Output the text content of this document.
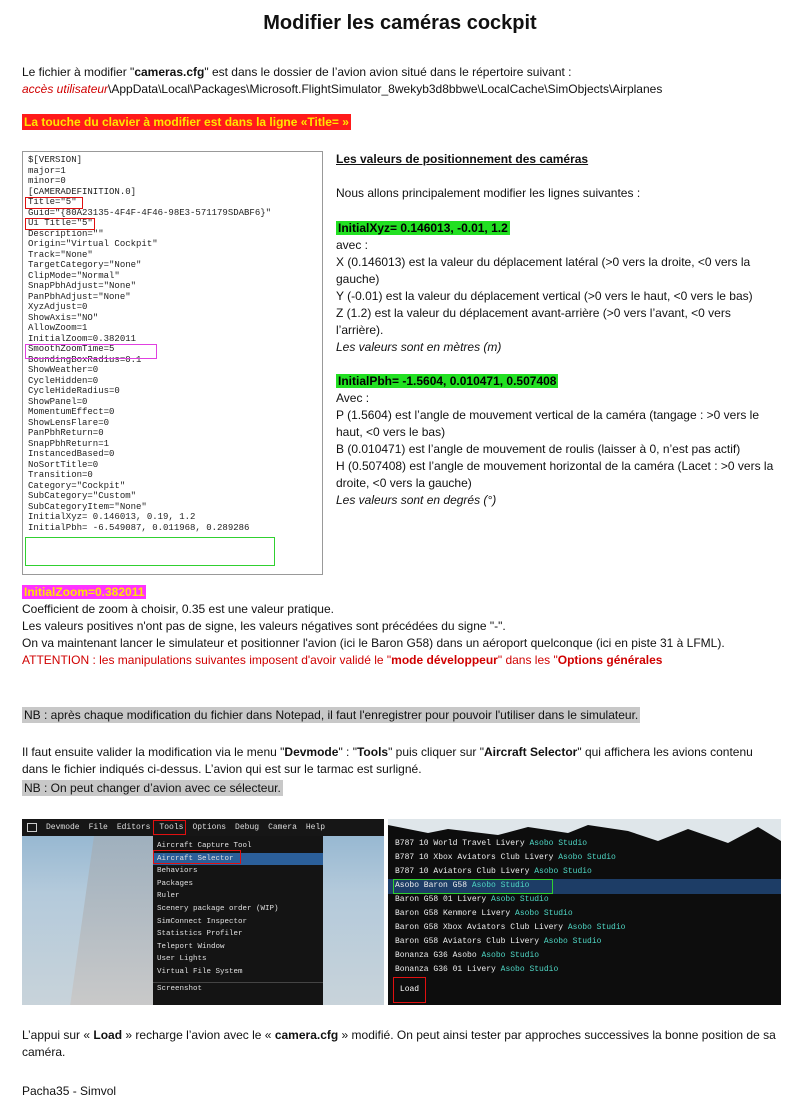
Modifier les caméras cockpit
Le fichier à modifier "cameras.cfg" est dans le dossier de l’avion avion situé dans le répertoire suivant :
accès utilisateur\AppData\Local\Packages\Microsoft.FlightSimulator_8wekyb3d8bbwe\LocalCache\SimObjects\Airplanes
La touche du clavier à modifier est dans la ligne «Title= »
$[VERSION]
major=1
minor=0
[CAMERADEFINITION.0]
Title="5"
Guid="{80A23135-4F4F-4F46-98E3-571179SDABF6}"
Ui Title="5"
Description=""
Origin="Virtual Cockpit"
Track="None"
TargetCategory="None"
ClipMode="Normal"
SnapPbhAdjust="None"
PanPbhAdjust="None"
XyzAdjust=0
ShowAxis="NO"
AllowZoom=1
InitialZoom=0.382011
SmoothZoomTime=5
BoundingBoxRadius=0.1
ShowWeather=0
CycleHidden=0
CycleHideRadius=0
ShowPanel=0
MomentumEffect=0
ShowLensFlare=0
PanPbhReturn=0
SnapPbhReturn=1
InstancedBased=0
NoSortTitle=0
Transition=0
Category="Cockpit"
SubCategory="Custom"
SubCategoryItem="None"
InitialXyz= 0.146013, 0.19, 1.2
InitialPbh= -6.549087, 0.011968, 0.289286
Les valeurs de positionnement des caméras
Nous allons principalement modifier les lignes suivantes :
InitialXyz= 0.146013, -0.01, 1.2
avec :
X (0.146013) est la valeur du déplacement latéral (>0 vers la droite, <0 vers la gauche)
Y (-0.01) est la valeur du déplacement vertical (>0 vers le haut, <0 vers le bas)
Z (1.2) est la valeur du déplacement avant-arrière (>0 vers l’avant, <0 vers l’arrière).
Les valeurs sont en mètres (m)
InitialPbh= -1.5604, 0.010471, 0.507408
Avec :
P (1.5604) est l’angle de mouvement vertical de la caméra (tangage : >0 vers le haut, <0 vers le bas)
B (0.010471) est l’angle de mouvement de roulis (laisser à 0, n’est pas actif)
H (0.507408) est l’angle de mouvement horizontal de la caméra (Lacet : >0 vers la droite, <0 vers la gauche)
Les valeurs sont en degrés (°)
InitialZoom=0.382011
Coefficient de zoom à choisir, 0.35 est une valeur pratique.
Les valeurs positives n'ont pas de signe, les valeurs négatives sont précédées du signe "-".
On va maintenant lancer le simulateur et positionner l'avion (ici le Baron G58) dans un aéroport quelconque (ici en piste 31 à LFML).
ATTENTION : les manipulations suivantes imposent d'avoir validé le "mode développeur" dans les "Options générales
NB : après chaque modification du fichier dans Notepad, il faut l'enregistrer pour pouvoir l'utiliser dans le simulateur.
Il faut ensuite valider la modification via le menu "Devmode" : "Tools" puis cliquer sur "Aircraft Selector" qui affichera les avions contenu dans le fichier indiqués ci-dessus. L’avion qui est sur le tarmac est surligné.
NB : On peut changer d’avion avec ce sélecteur.
Devmode File Editors Tools Options Debug Camera Help
Aircraft Capture Tool
Aircraft Selector
Behaviors
Packages
Ruler
Scenery package order (WIP)
SimConnect Inspector
Statistics Profiler
Teleport Window
User Lights
Virtual File System
Screenshot	Load
B787 10 World Travel Livery Asobo Studio
B787 10 Xbox Aviators Club Livery Asobo Studio
B787 10 Aviators Club Livery Asobo Studio
Asobo Baron G58 Asobo Studio
Baron G58 01 Livery Asobo Studio
Baron G58 Kenmore Livery Asobo Studio
Baron G58 Xbox Aviators Club Livery Asobo Studio
Baron G58 Aviators Club Livery Asobo Studio
Bonanza G36 Asobo Asobo Studio
Bonanza G36 01 Livery Asobo Studio
L’appui sur « Load » recharge l’avion avec le « camera.cfg » modifié. On peut ainsi tester par approches successives la bonne position de sa caméra.
Pacha35 - Simvol
